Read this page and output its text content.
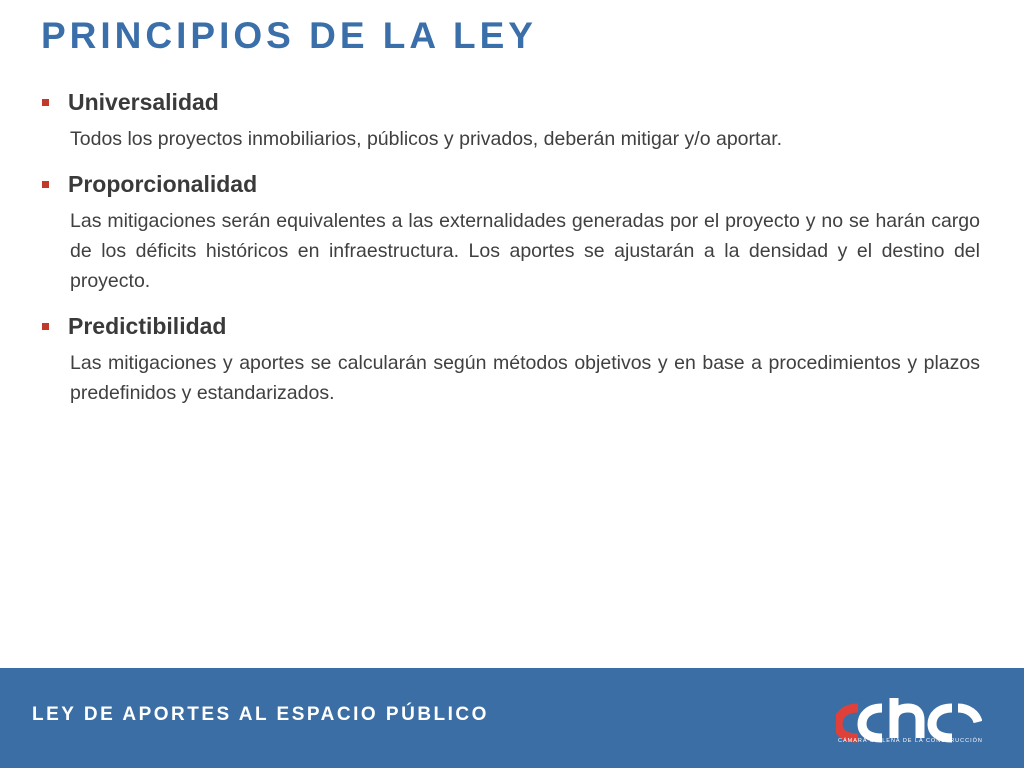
PRINCIPIOS DE LA LEY
Universalidad

Todos los proyectos inmobiliarios, públicos y privados, deberán mitigar y/o aportar.

Proporcionalidad

Las mitigaciones serán equivalentes a las externalidades generadas por el proyecto y no se harán cargo de los déficits históricos en infraestructura. Los aportes se ajustarán a la densidad y el destino del proyecto.

Predictibilidad

Las mitigaciones y aportes se calcularán según métodos objetivos y en base a procedimientos y plazos predefinidos y estandarizados.

LEY DE APORTES AL ESPACIO PÚBLICO
CÁMARA CHILENA DE LA CONSTRUCCIÓN
